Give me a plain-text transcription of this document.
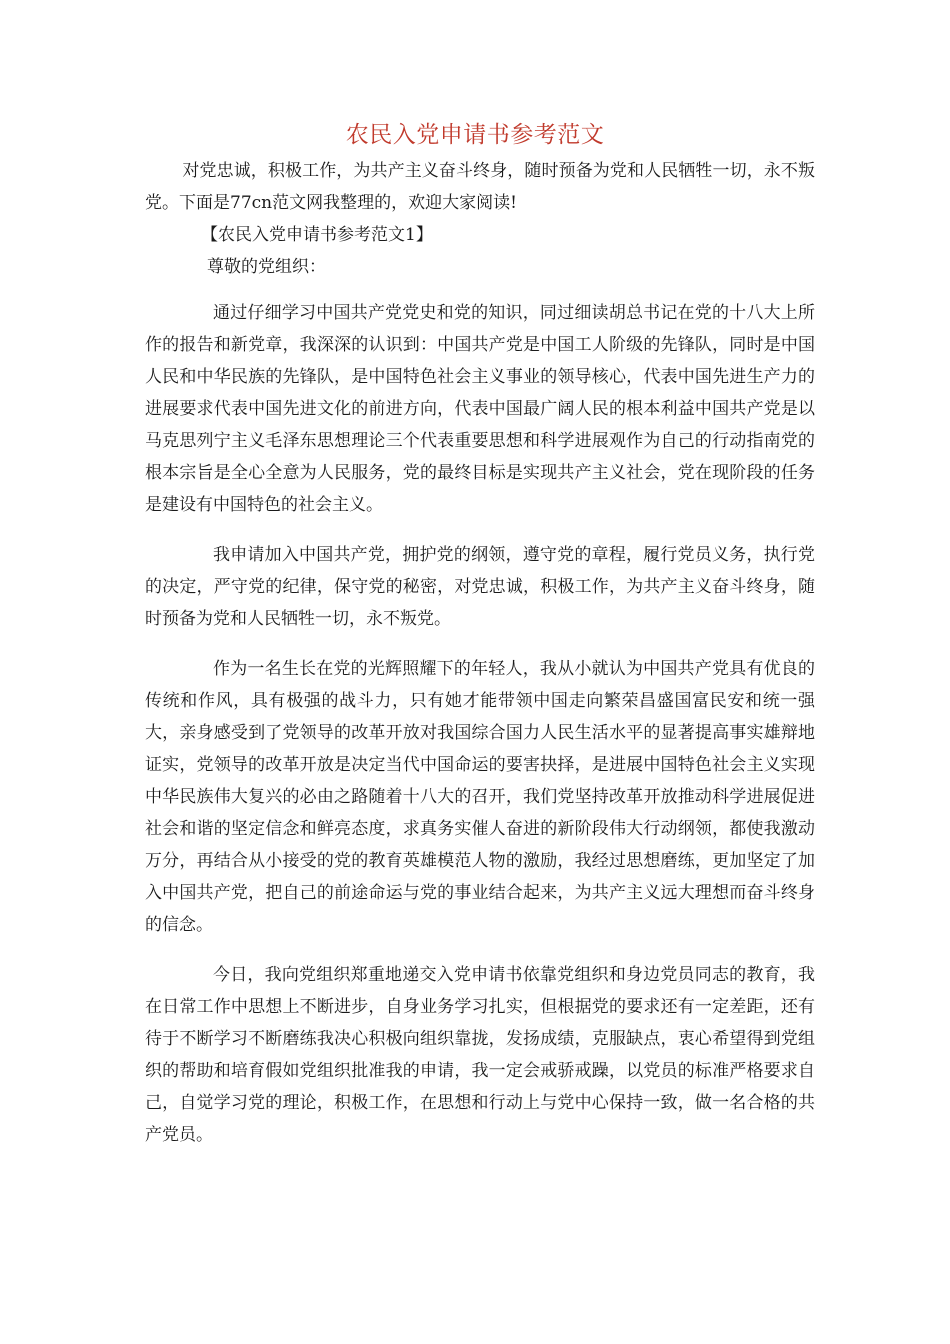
农民入党申请书参考范文

对党忠诚，积极工作，为共产主义奋斗终身，随时预备为党和人民牺牲一切，永不叛党。下面是77cn范文网我整理的，欢迎大家阅读!

【农民入党申请书参考范文1】

尊敬的党组织：

通过仔细学习中国共产党党史和党的知识，同过细读胡总书记在党的十八大上所作的报告和新党章，我深深的认识到：中国共产党是中国工人阶级的先锋队，同时是中国人民和中华民族的先锋队，是中国特色社会主义事业的领导核心，代表中国先进生产力的进展要求代表中国先进文化的前进方向，代表中国最广阔人民的根本利益中国共产党是以马克思列宁主义毛泽东思想理论三个代表重要思想和科学进展观作为自己的行动指南党的根本宗旨是全心全意为人民服务，党的最终目标是实现共产主义社会，党在现阶段的任务是建设有中国特色的社会主义。

我申请加入中国共产党，拥护党的纲领，遵守党的章程，履行党员义务，执行党的决定，严守党的纪律，保守党的秘密，对党忠诚，积极工作，为共产主义奋斗终身，随时预备为党和人民牺牲一切，永不叛党。

作为一名生长在党的光辉照耀下的年轻人，我从小就认为中国共产党具有优良的传统和作风，具有极强的战斗力，只有她才能带领中国走向繁荣昌盛国富民安和统一强大，亲身感受到了党领导的改革开放对我国综合国力人民生活水平的显著提高事实雄辩地证实，党领导的改革开放是决定当代中国命运的要害抉择，是进展中国特色社会主义实现中华民族伟大复兴的必由之路随着十八大的召开，我们党坚持改革开放推动科学进展促进社会和谐的坚定信念和鲜亮态度，求真务实催人奋进的新阶段伟大行动纲领，都使我激动万分，再结合从小接受的党的教育英雄模范人物的激励，我经过思想磨练，更加坚定了加入中国共产党，把自己的前途命运与党的事业结合起来，为共产主义远大理想而奋斗终身的信念。

今日，我向党组织郑重地递交入党申请书依靠党组织和身边党员同志的教育，我在日常工作中思想上不断进步，自身业务学习扎实，但根据党的要求还有一定差距，还有待于不断学习不断磨练我决心积极向组织靠拢，发扬成绩，克服缺点，衷心希望得到党组织的帮助和培育假如党组织批准我的申请，我一定会戒骄戒躁，以党员的标准严格要求自己，自觉学习党的理论，积极工作，在思想和行动上与党中心保持一致，做一名合格的共产党员。
